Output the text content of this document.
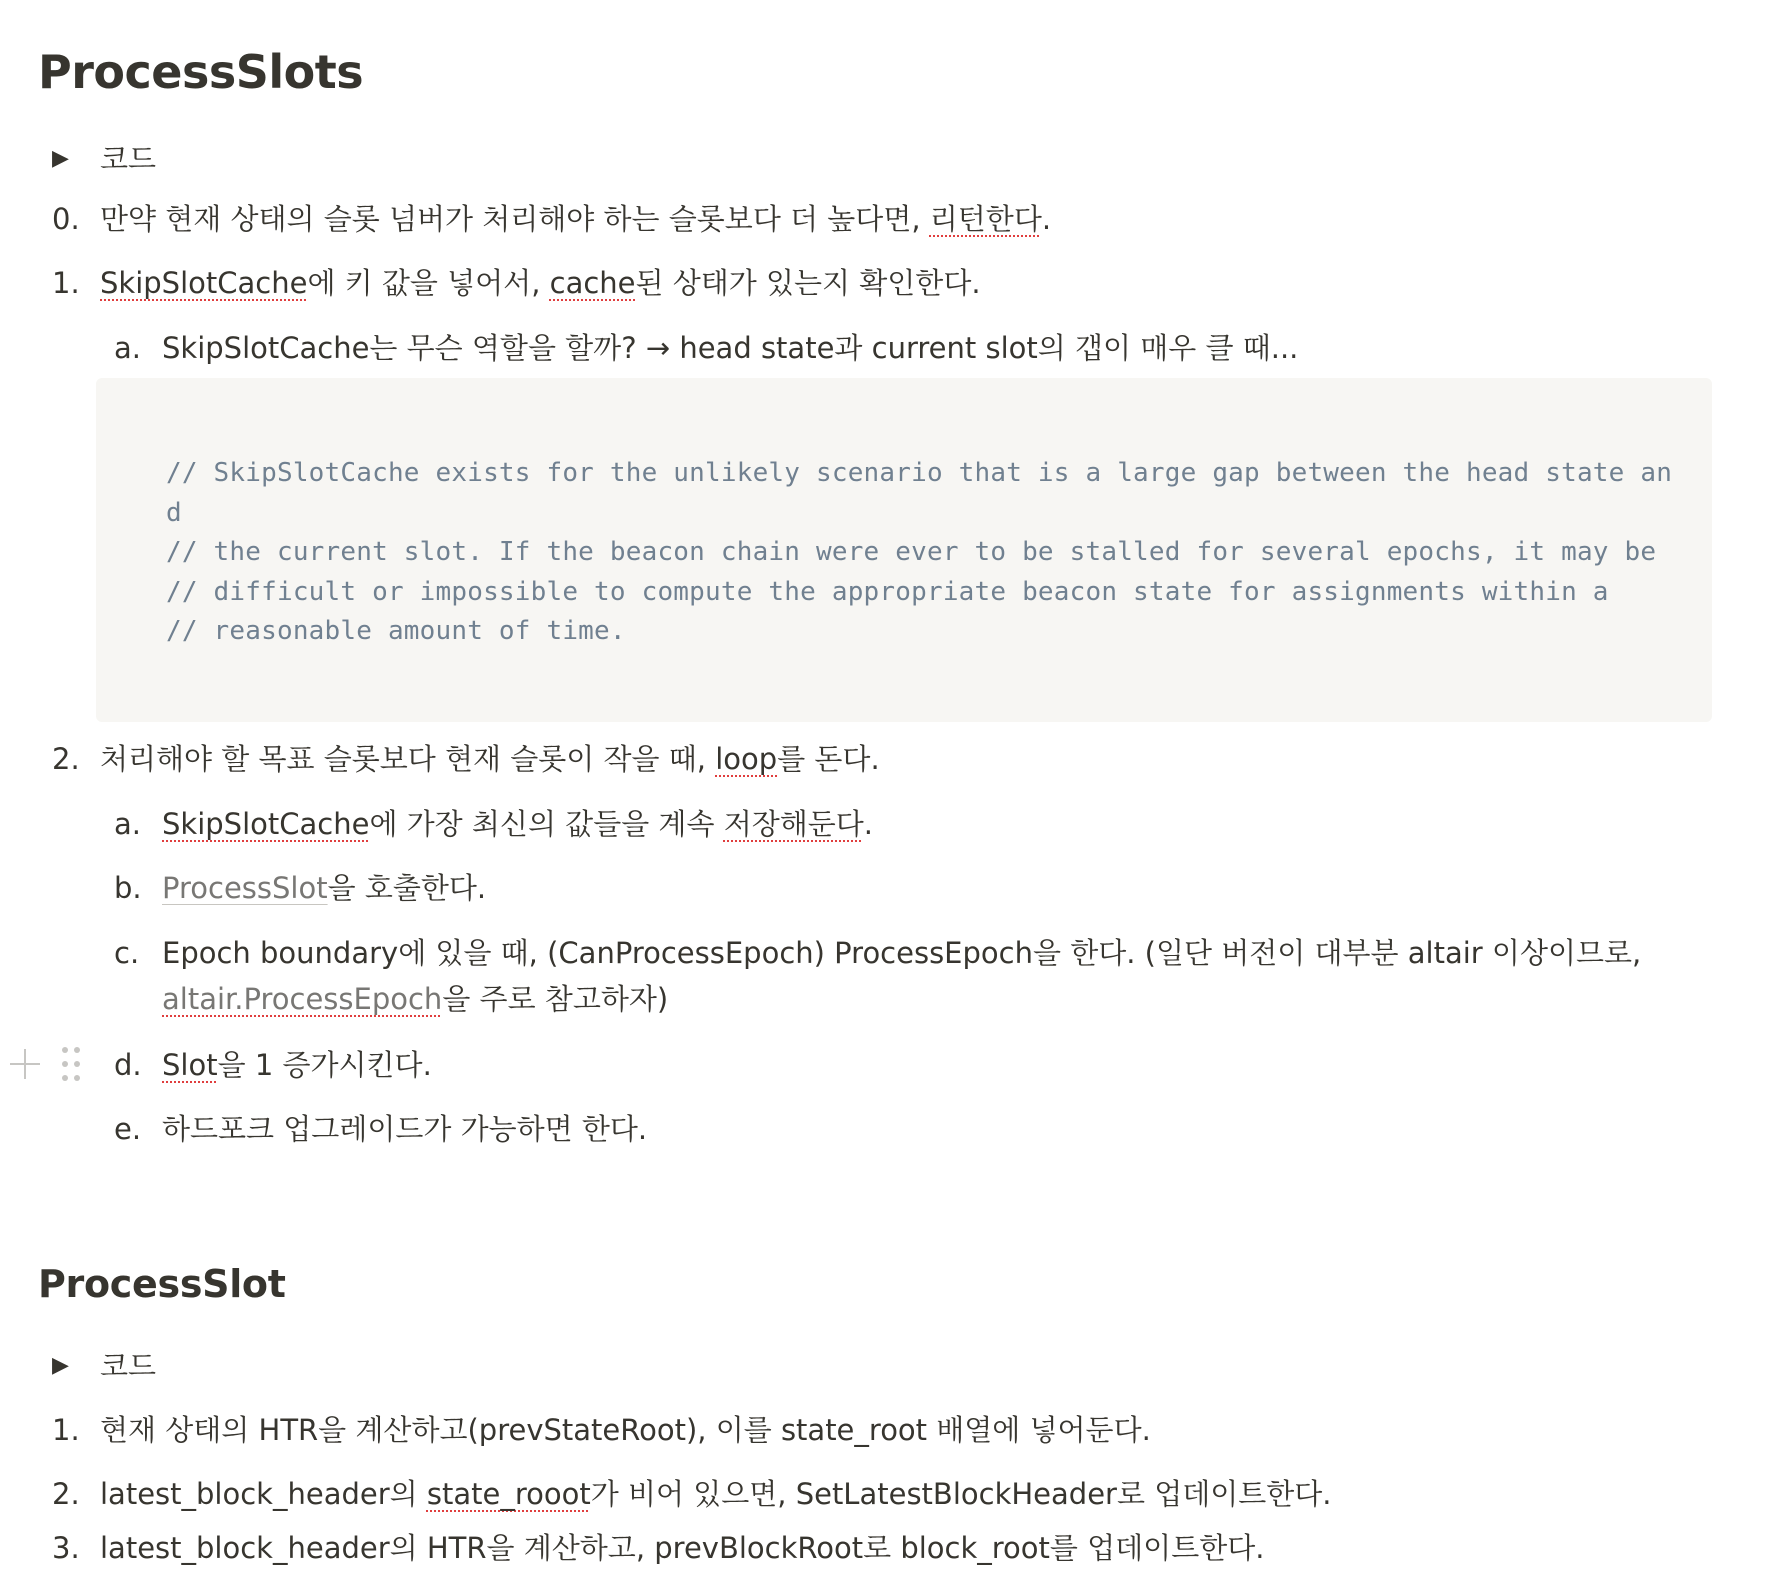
ProcessSlots
▶ 코드
0. 만약 현재 상태의 슬롯 넘버가 처리해야 하는 슬롯보다 더 높다면, 리턴한다.
1. SkipSlotCache에 키 값을 넣어서, cache된 상태가 있는지 확인한다.
a. SkipSlotCache는 무슨 역할을 할까? → head state과 current slot의 갭이 매우 클 때...
// SkipSlotCache exists for the unlikely scenario that is a large gap between the head state an
d
// the current slot. If the beacon chain were ever to be stalled for several epochs, it may be
// difficult or impossible to compute the appropriate beacon state for assignments within a
// reasonable amount of time.
2. 처리해야 할 목표 슬롯보다 현재 슬롯이 작을 때, loop를 돈다.
a. SkipSlotCache에 가장 최신의 값들을 계속 저장해둔다.
b. ProcessSlot을 호출한다.
c. Epoch boundary에 있을 때, (CanProcessEpoch) ProcessEpoch을 한다. (일단 버전이 대부분 altair 이상이므로,
altair.ProcessEpoch을 주로 참고하자)
d. Slot을 1 증가시킨다.
e. 하드포크 업그레이드가 가능하면 한다.
ProcessSlot
▶ 코드
1. 현재 상태의 HTR을 계산하고(prevStateRoot), 이를 state_root 배열에 넣어둔다.
2. latest_block_header의 state_rooot가 비어 있으면, SetLatestBlockHeader로 업데이트한다.
3. latest_block_header의 HTR을 계산하고, prevBlockRoot로 block_root를 업데이트한다.
